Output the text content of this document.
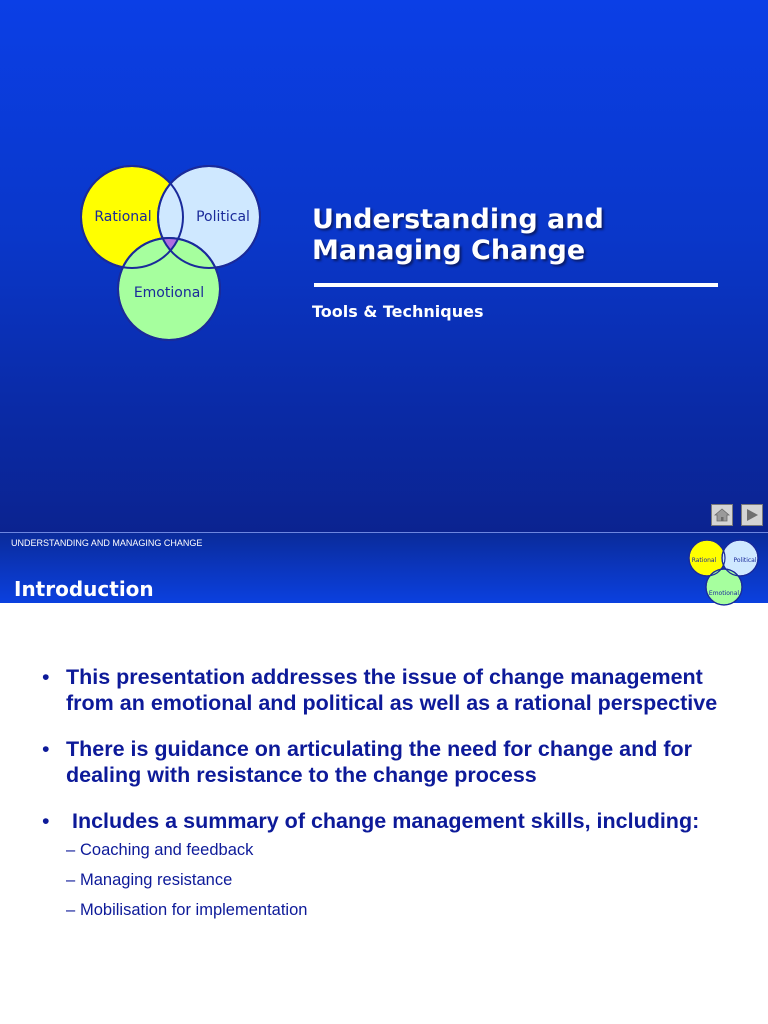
Rational	Political
Emotional
Understanding and
Managing Change
Tools & Techniques
UNDERSTANDING AND MANAGING CHANGE
Introduction
Rational	Political
Emotional
• This presentation addresses the issue of change management from an emotional and political as well as a rational perspective
• There is guidance on articulating the need for change and for dealing with resistance to the change process
• Includes a summary of change management skills, including:
– Coaching and feedback
– Managing resistance
– Mobilisation for implementation
